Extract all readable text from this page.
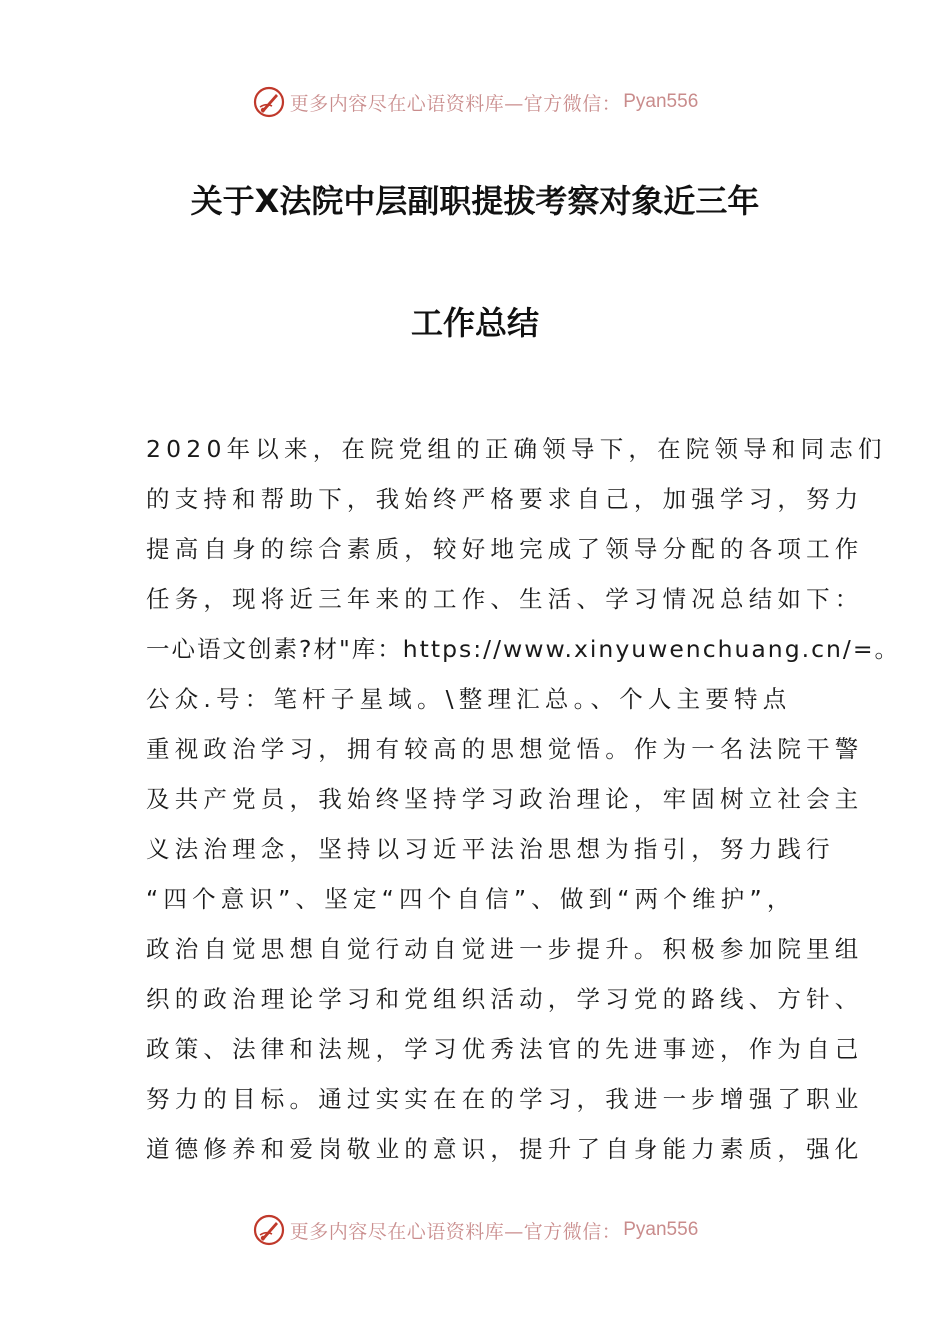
更多内容尽在心语资料库—官方微信： Pyan556
关于X法院中层副职提拔考察对象近三年
工作总结
2020年以来，在院党组的正确领导下，在院领导和同志们
的支持和帮助下，我始终严格要求自己，加强学习，努力
提高自身的综合素质，较好地完成了领导分配的各项工作
任务，现将近三年来的工作、生活、学习情况总结如下：
一心语文创素?材"库：https://www.xinyuwenchuang.cn/=。
公众.号：笔杆子星域。\整理汇总。、个人主要特点
重视政治学习，拥有较高的思想觉悟。作为一名法院干警
及共产党员，我始终坚持学习政治理论，牢固树立社会主
义法治理念，坚持以习近平法治思想为指引，努力践行
“四个意识”、坚定“四个自信”、做到“两个维护”，
政治自觉思想自觉行动自觉进一步提升。积极参加院里组
织的政治理论学习和党组织活动，学习党的路线、方针、
政策、法律和法规，学习优秀法官的先进事迹，作为自己
努力的目标。通过实实在在的学习，我进一步增强了职业
道德修养和爱岗敬业的意识，提升了自身能力素质，强化
更多内容尽在心语资料库—官方微信： Pyan556
